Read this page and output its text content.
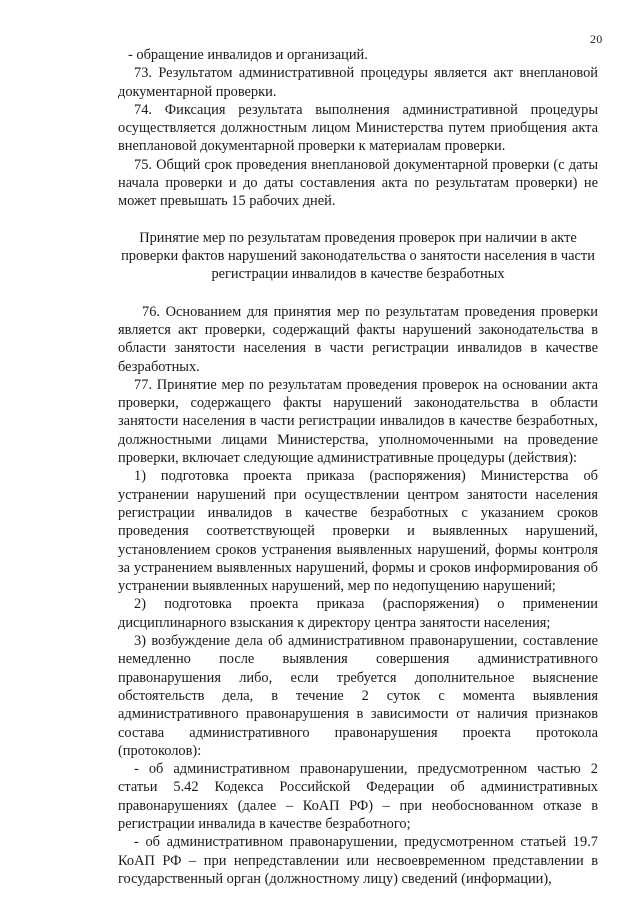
20

- обращение инвалидов и организаций.

73. Результатом административной процедуры является акт внеплановой документарной проверки.

74. Фиксация результата выполнения административной процедуры осуществляется должностным лицом Министерства путем приобщения акта внеплановой документарной проверки к материалам проверки.

75. Общий срок проведения внеплановой документарной проверки (с даты начала проверки и до даты составления акта по результатам проверки) не может превышать 15 рабочих дней.

Принятие мер по результатам проведения проверок при наличии в акте проверки фактов нарушений законодательства о занятости населения в части регистрации инвалидов в качестве безработных

76. Основанием для принятия мер по результатам проведения проверки является акт проверки, содержащий факты нарушений законодательства в области занятости населения в части регистрации инвалидов в качестве безработных.

77. Принятие мер по результатам проведения проверок на основании акта проверки, содержащего факты нарушений законодательства в области занятости населения в части регистрации инвалидов в качестве безработных, должностными лицами Министерства, уполномоченными на проведение проверки, включает следующие административные процедуры (действия):

1) подготовка проекта приказа (распоряжения) Министерства об устранении нарушений при осуществлении центром занятости населения регистрации инвалидов в качестве безработных с указанием сроков проведения соответствующей проверки и выявленных нарушений, установлением сроков устранения выявленных нарушений, формы контроля за устранением выявленных нарушений, формы и сроков информирования об устранении выявленных нарушений, мер по недопущению нарушений;

2) подготовка проекта приказа (распоряжения) о применении дисциплинарного взыскания к директору центра занятости населения;

3) возбуждение дела об административном правонарушении, составление немедленно после выявления совершения административного правонарушения либо, если требуется дополнительное выяснение обстоятельств дела, в течение 2 суток с момента выявления административного правонарушения в зависимости от наличия признаков состава административного правонарушения проекта протокола (протоколов):

- об административном правонарушении, предусмотренном частью 2 статьи 5.42 Кодекса Российской Федерации об административных правонарушениях (далее – КоАП РФ) – при необоснованном отказе в регистрации инвалида в качестве безработного;

- об административном правонарушении, предусмотренном статьей 19.7 КоАП РФ – при непредставлении или несвоевременном представлении в государственный орган (должностному лицу) сведений (информации),
